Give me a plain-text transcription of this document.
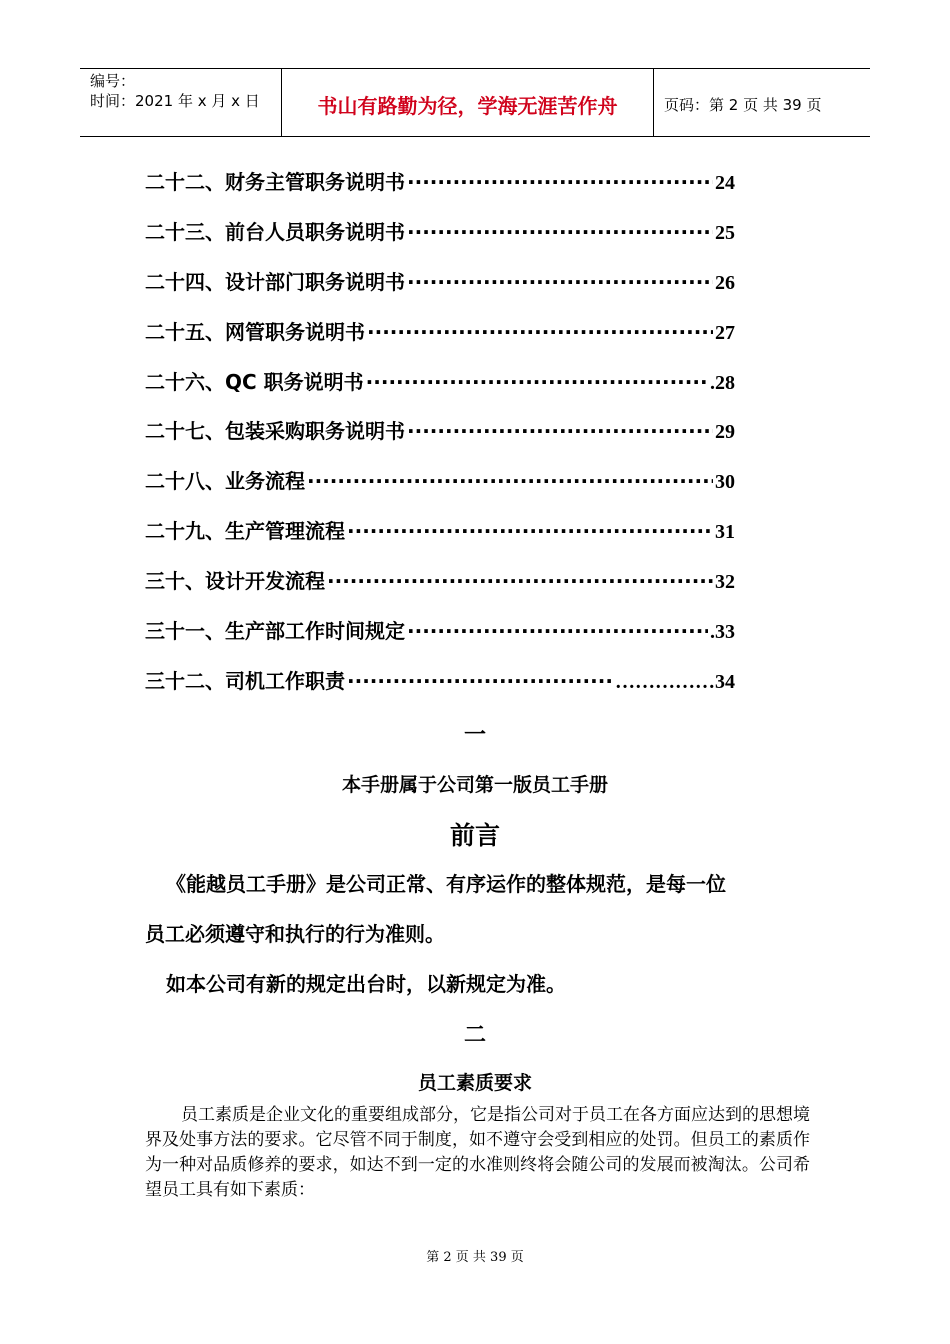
编号：
时间：2021 年 x 月 x 日	书山有路勤为径，学海无涯苦作舟	页码：第 2 页 共 39 页
二十二、财务主管职务说明书 ·····	24
二十三、前台人员职务说明书 ·····	25
二十四、设计部门职务说明书 ·····	26
二十五、网管职务说明书 ·····	27
二十六、QC 职务说明书 ·····	.28
二十七、包装采购职务说明书 ·····	29
二十八、业务流程 ·····	30
二十九、生产管理流程 ·····	31
三十、设计开发流程 ·····	32
三十一、生产部工作时间规定 ·····	.33
三十二、司机工作职责 ·····	……………34
一
本手册属于公司第一版员工手册
前言
《能越员工手册》是公司正常、有序运作的整体规范，是每一位
员工必须遵守和执行的行为准则。
如本公司有新的规定出台时，以新规定为准。
二
员工素质要求
员工素质是企业文化的重要组成部分，它是指公司对于员工在各方面应达到的思想境界及处事方法的要求。它尽管不同于制度，如不遵守会受到相应的处罚。但员工的素质作为一种对品质修养的要求，如达不到一定的水准则终将会随公司的发展而被淘汰。公司希望员工具有如下素质：
第 2 页 共 39 页
